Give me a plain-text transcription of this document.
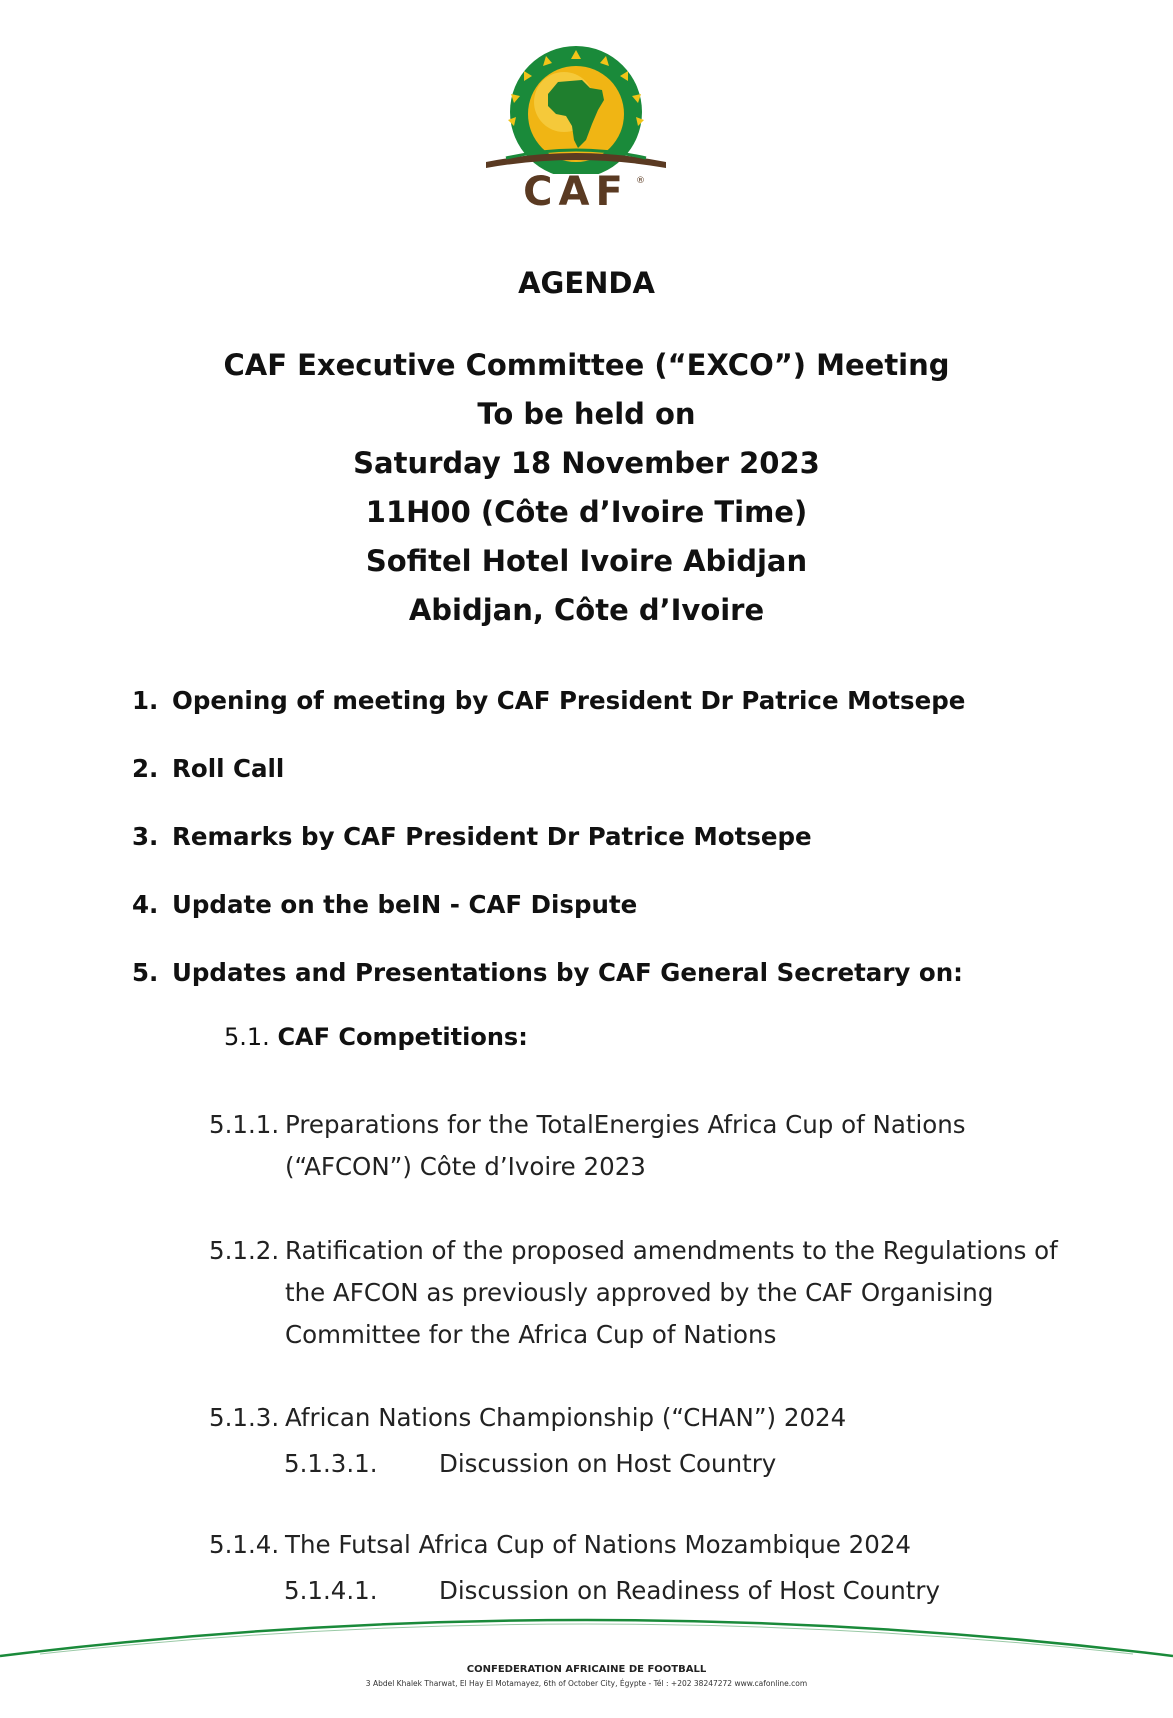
CAF ®
AGENDA
CAF Executive Committee (“EXCO”) Meeting
To be held on
Saturday 18 November 2023
11H00 (Côte d’Ivoire Time)
Sofitel Hotel Ivoire Abidjan
Abidjan, Côte d’Ivoire
1. Opening of meeting by CAF President Dr Patrice Motsepe
2. Roll Call
3. Remarks by CAF President Dr Patrice Motsepe
4. Update on the beIN - CAF Dispute
5. Updates and Presentations by CAF General Secretary on:
5.1. CAF Competitions:
5.1.1. Preparations for the TotalEnergies Africa Cup of Nations (“AFCON”) Côte d’Ivoire 2023
5.1.2. Ratification of the proposed amendments to the Regulations of the AFCON as previously approved by the CAF Organising Committee for the Africa Cup of Nations
5.1.3. African Nations Championship (“CHAN”) 2024
5.1.3.1.	Discussion on Host Country
5.1.4. The Futsal Africa Cup of Nations Mozambique 2024
5.1.4.1.	Discussion on Readiness of Host Country
CONFEDERATION AFRICAINE DE FOOTBALL
3 Abdel Khalek Tharwat, El Hay El Motamayez, 6th of October City, Égypte - Tél : +202 38247272 www.cafonline.com
